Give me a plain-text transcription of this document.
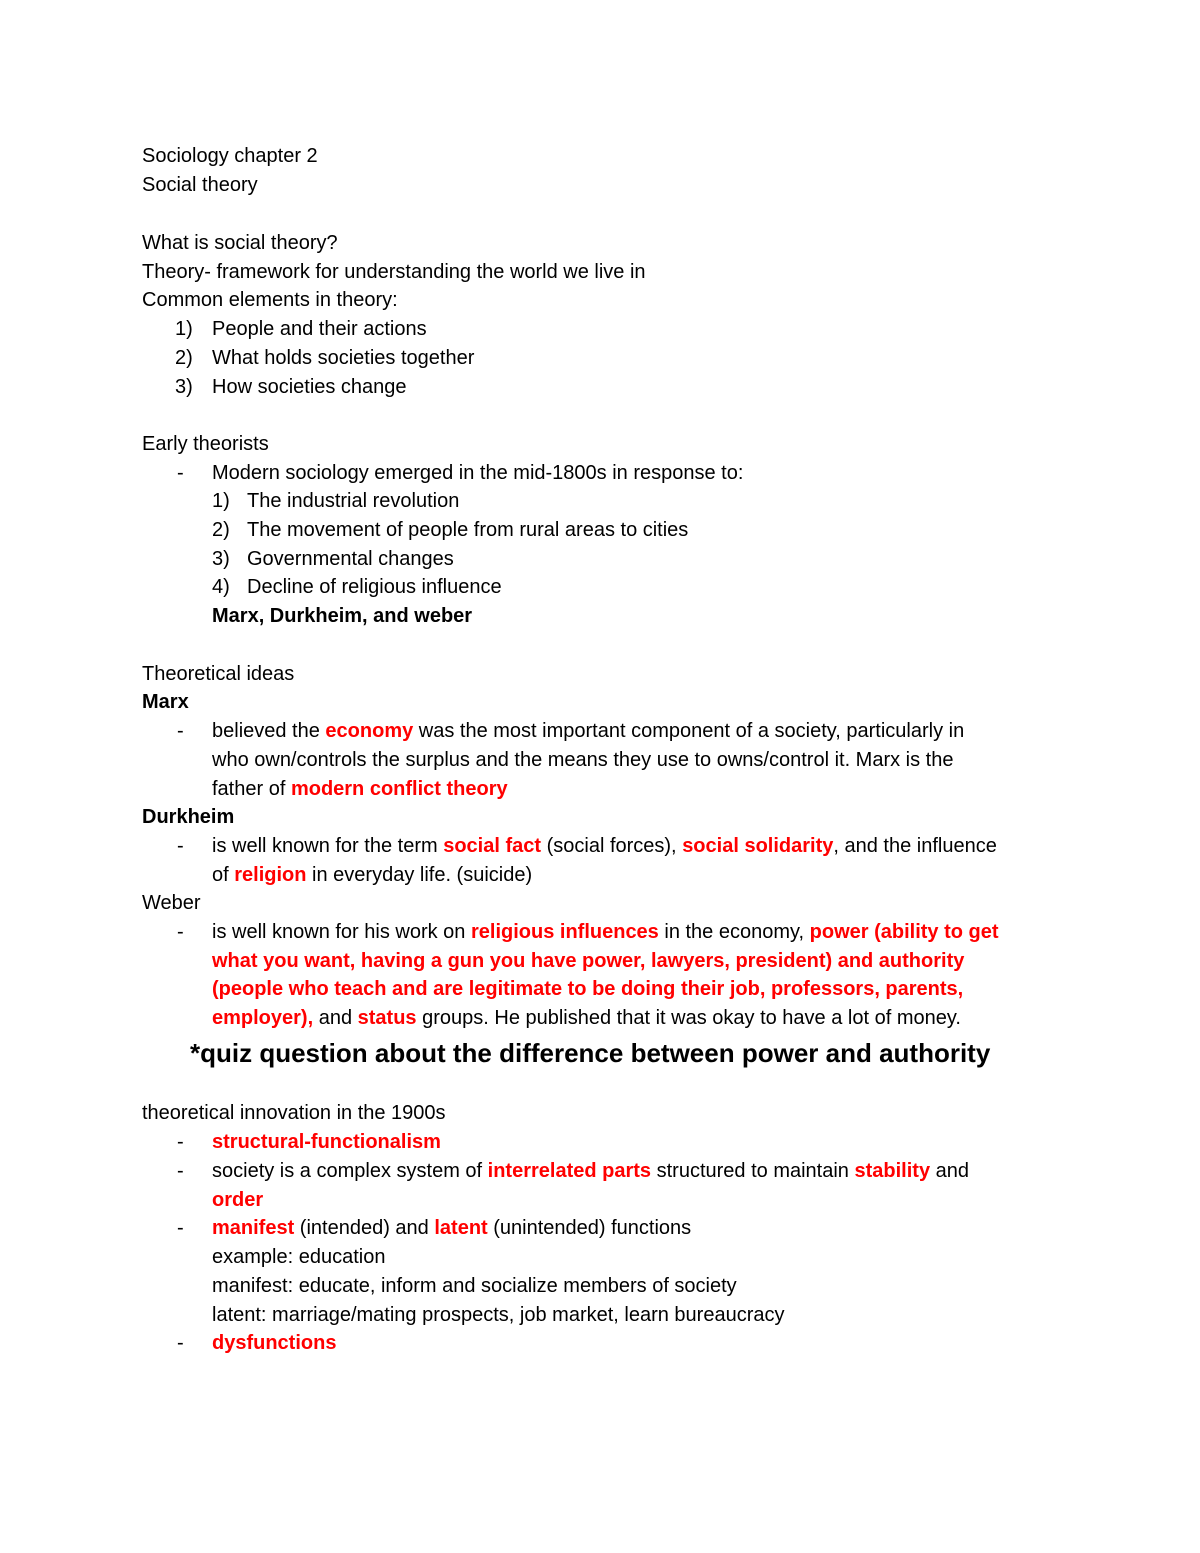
Sociology chapter 2
Social theory
What is social theory?
Theory- framework for understanding the world we live in
Common elements in theory:
1) People and their actions
2) What holds societies together
3) How societies change
Early theorists
- Modern sociology emerged in the mid-1800s in response to:
1) The industrial revolution
2) The movement of people from rural areas to cities
3) Governmental changes
4) Decline of religious influence
Marx, Durkheim, and weber
Theoretical ideas
Marx
- believed the economy was the most important component of a society, particularly in
who own/controls the surplus and the means they use to owns/control it. Marx is the
father of modern conflict theory
Durkheim
- is well known for the term social fact (social forces), social solidarity, and the influence
of religion in everyday life. (suicide)
Weber
- is well known for his work on religious influences in the economy, power (ability to get
what you want, having a gun you have power, lawyers, president) and authority
(people who teach and are legitimate to be doing their job, professors, parents,
employer), and status groups. He published that it was okay to have a lot of money.
*quiz question about the difference between power and authority
theoretical innovation in the 1900s
- structural-functionalism
- society is a complex system of interrelated parts structured to maintain stability and
order
- manifest (intended) and latent (unintended) functions
example: education
manifest: educate, inform and socialize members of society
latent: marriage/mating prospects, job market, learn bureaucracy
- dysfunctions
